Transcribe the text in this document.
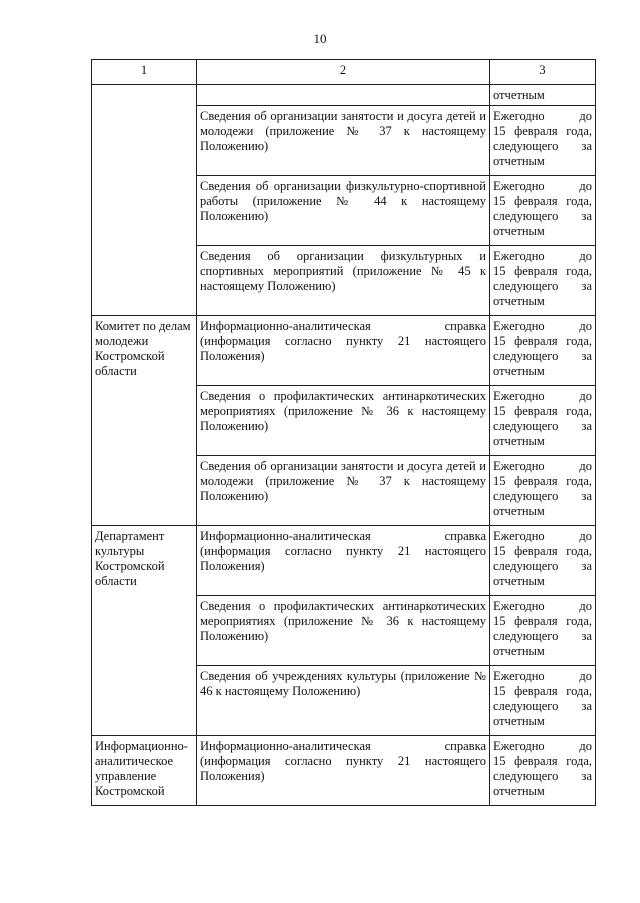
10
1	2	3
		отчетным
	Сведения об организации занятости и досуга детей и молодежи (приложение № 37 к настоящему Положению)	Ежегодно до
15 февраля года,
следующего за
отчетным
	Сведения об организации физкультурно-спортивной работы (приложение № 44 к настоящему Положению)	Ежегодно до
15 февраля года,
следующего за
отчетным
	Сведения об организации физкультурных и спортивных мероприятий (приложение № 45 к настоящему Положению)	Ежегодно до
15 февраля года,
следующего за
отчетным
Комитет по делам молодежи Костромской области	Информационно-аналитическая справка (информация согласно пункту 21 настоящего Положения)	Ежегодно до
15 февраля года,
следующего за
отчетным
	Сведения о профилактических антинаркотических мероприятиях (приложение № 36 к настоящему Положению)	Ежегодно до
15 февраля года,
следующего за
отчетным
	Сведения об организации занятости и досуга детей и молодежи (приложение № 37 к настоящему Положению)	Ежегодно до
15 февраля года,
следующего за
отчетным
Департамент культуры Костромской области	Информационно-аналитическая справка (информация согласно пункту 21 настоящего Положения)	Ежегодно до
15 февраля года,
следующего за
отчетным
	Сведения о профилактических антинаркотических мероприятиях (приложение № 36 к настоящему Положению)	Ежегодно до
15 февраля года,
следующего за
отчетным
	Сведения об учреждениях культуры (приложение № 46 к настоящему Положению)	Ежегодно до
15 февраля года,
следующего за
отчетным
Информационно-аналитическое управление Костромской	Информационно-аналитическая справка (информация согласно пункту 21 настоящего Положения)	Ежегодно до
15 февраля года,
следующего за
отчетным
